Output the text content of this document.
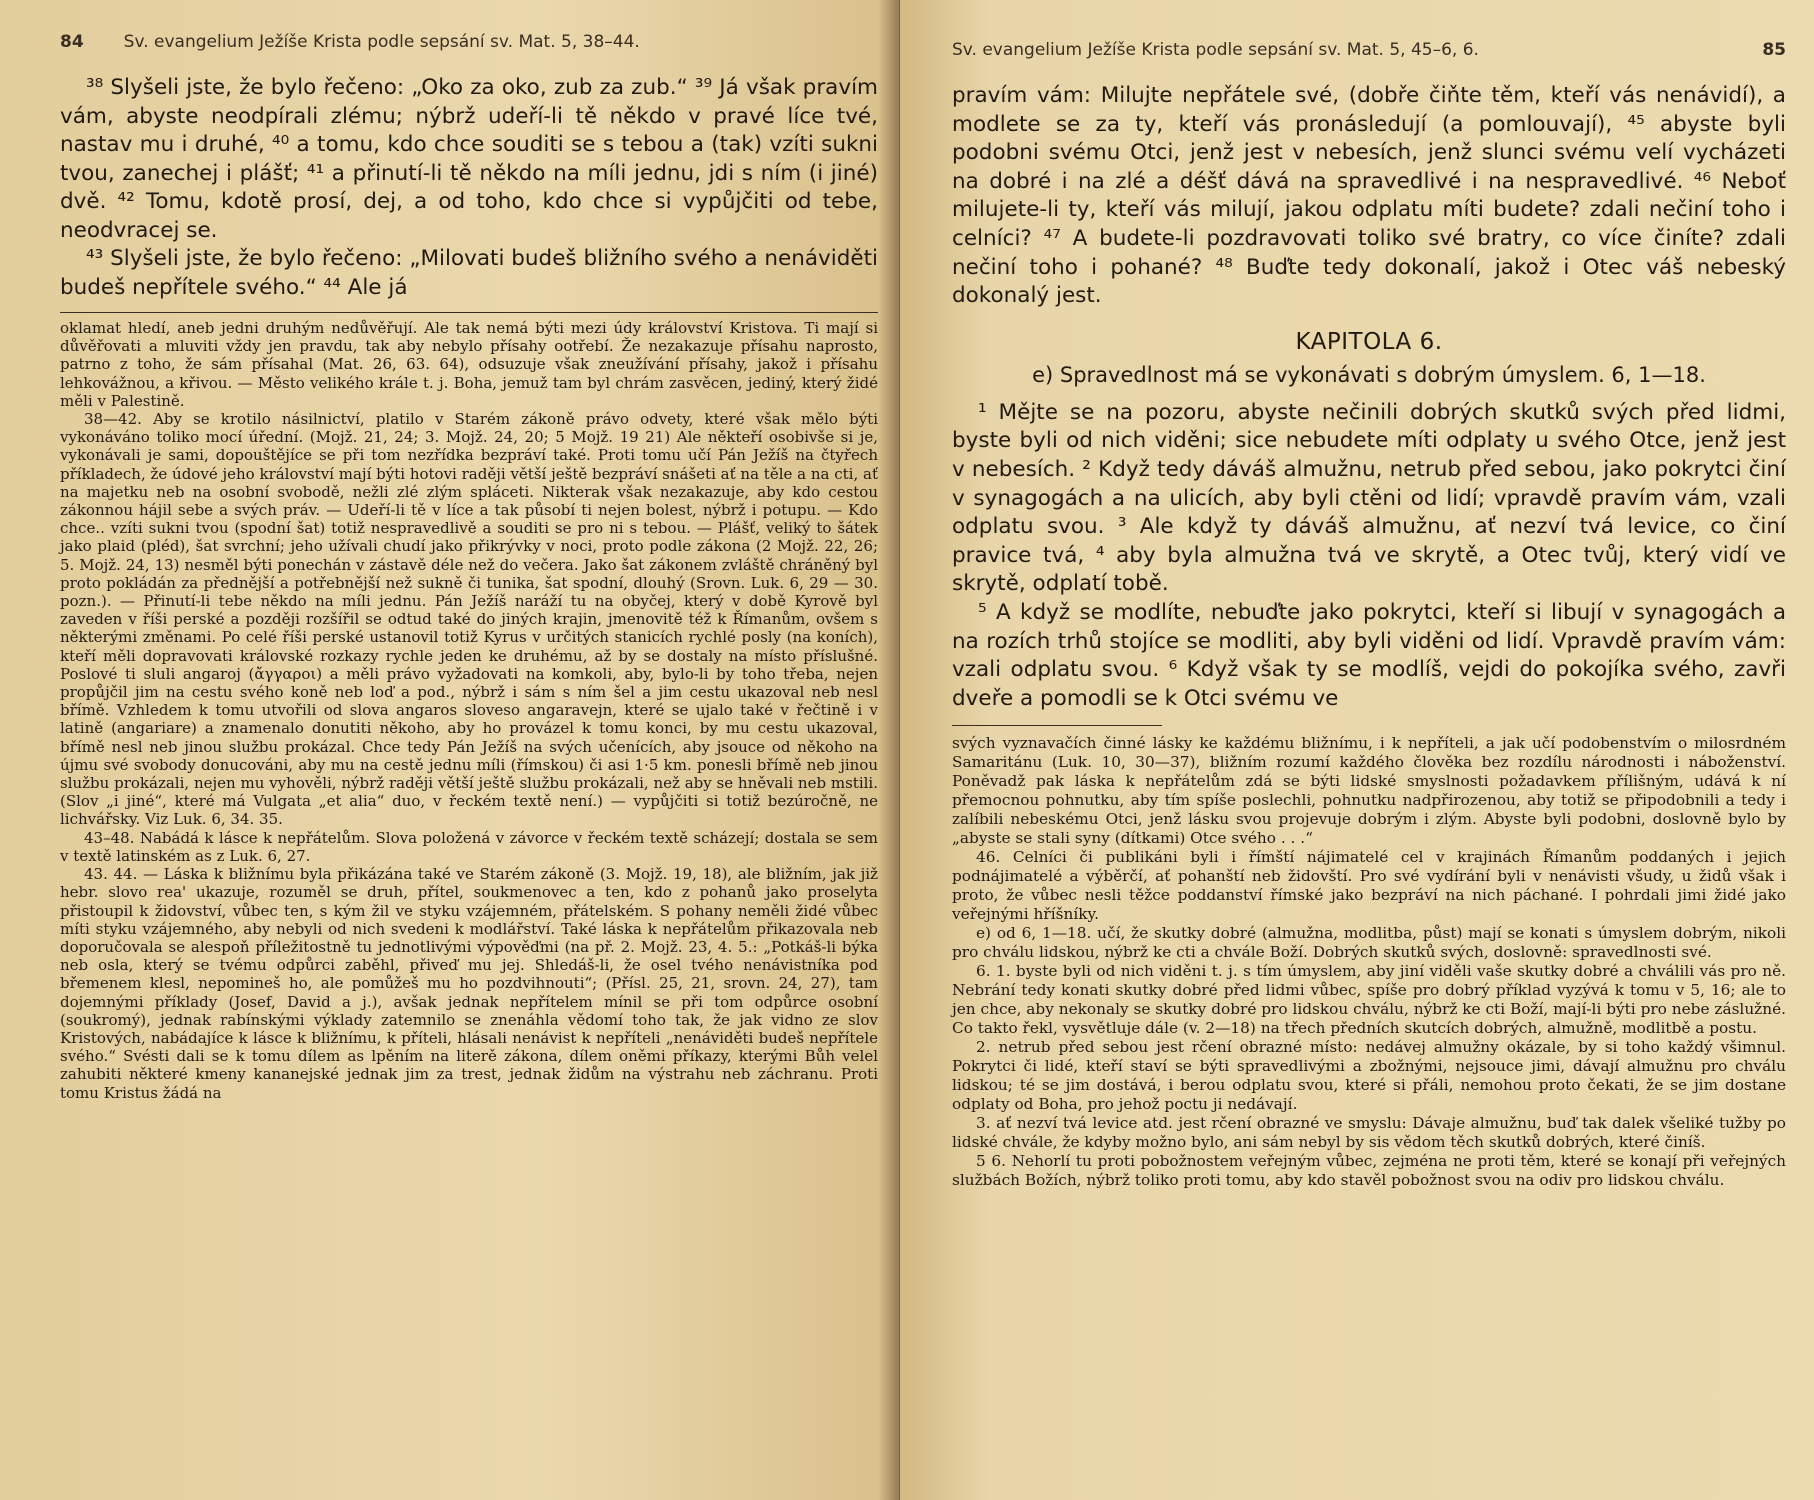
84 Sv. evangelium Ježíše Krista podle sepsání sv. Mat. 5, 38–44.

³⁸ Slyšeli jste, že bylo řečeno: „Oko za oko, zub za zub.“ ³⁹ Já však pravím vám, abyste neodpírali zlému; nýbrž udeří-li tě někdo v pravé líce tvé, nastav mu i druhé, ⁴⁰ a tomu, kdo chce souditi se s tebou a (tak) vzíti sukni tvou, zanechej i plášť; ⁴¹ a přinutí-li tě někdo na míli jednu, jdi s ním (i jiné) dvě. ⁴² Tomu, kdotě prosí, dej, a od toho, kdo chce si vypůjčiti od tebe, neodvracej se.

⁴³ Slyšeli jste, že bylo řečeno: „Milovati budeš bližního svého a nenáviděti budeš nepřítele svého.“ ⁴⁴ Ale já

oklamat hledí, aneb jedni druhým nedůvěřují. Ale tak nemá býti mezi údy království Kristova. Ti mají si důvěřovati a mluviti vždy jen pravdu, tak aby nebylo přísahy ootřebí. Že nezakazuje přísahu naprosto, patrno z toho, že sám přísahal (Mat. 26, 63. 64), odsuzuje však zneužívání přísahy, jakož i přísahu lehkovážnou, a křivou. — Město velikého krále t. j. Boha, jemuž tam byl chrám zasvěcen, jediný, který židé měli v Palestině.

38—42. Aby se krotilo násilnictví, platilo v Starém zákoně právo odvety, které však mělo býti vykonáváno toliko mocí úřední. (Mojž. 21, 24; 3. Mojž. 24, 20; 5 Mojž. 19 21) Ale někteří osobivše si je, vykonávali je sami, dopouštějíce se při tom nezřídka bezpráví také. Proti tomu učí Pán Ježíš na čtyřech příkladech, že údové jeho království mají býti hotovi raději větší ještě bezpráví snášeti ať na těle a na cti, ať na majetku neb na osobní svobodě, nežli zlé zlým spláceti. Nikterak však nezakazuje, aby kdo cestou zákonnou hájil sebe a svých práv. — Udeří-li tě v líce a tak působí ti nejen bolest, nýbrž i potupu. — Kdo chce.. vzíti sukni tvou (spodní šat) totiž nespravedlivě a souditi se pro ni s tebou. — Plášť, veliký to šátek jako plaid (pléd), šat svrchní; jeho užívali chudí jako přikrývky v noci, proto podle zákona (2 Mojž. 22, 26; 5. Mojž. 24, 13) nesměl býti ponechán v zástavě déle než do večera. Jako šat zákonem zvláště chráněný byl proto pokládán za přednější a potřebnější než sukně či tunika, šat spodní, dlouhý (Srovn. Luk. 6, 29 — 30. pozn.). — Přinutí-li tebe někdo na míli jednu. Pán Ježíš naráží tu na obyčej, který v době Kyrově byl zaveden v říši perské a později rozšířil se odtud také do jiných krajin, jmenovitě též k Římanům, ovšem s některými změnami. Po celé říši perské ustanovil totiž Kyrus v určitých stanicích rychlé posly (na koních), kteří měli dopravovati královské rozkazy rychle jeden ke druhému, až by se dostaly na místo příslušné. Poslové ti sluli angaroj (ἄγγαροι) a měli právo vyžadovati na komkoli, aby, bylo-li by toho třeba, nejen propůjčil jim na cestu svého koně neb loď a pod., nýbrž i sám s ním šel a jim cestu ukazoval neb nesl břímě. Vzhledem k tomu utvořili od slova angaros sloveso angaravejn, které se ujalo také v řečtině i v latině (angariare) a znamenalo donutiti někoho, aby ho provázel k tomu konci, by mu cestu ukazoval, břímě nesl neb jinou službu prokázal. Chce tedy Pán Ježíš na svých učenících, aby jsouce od někoho na újmu své svobody donucováni, aby mu na cestě jednu míli (římskou) či asi 1·5 km. ponesli břímě neb jinou službu prokázali, nejen mu vyhověli, nýbrž raději větší ještě službu prokázali, než aby se hněvali neb mstili. (Slov „i jiné“, které má Vulgata „et alia“ duo, v řeckém textě není.) — vypůjčiti si totiž bezúročně, ne lichvářsky. Viz Luk. 6, 34. 35.

43–48. Nabádá k lásce k nepřátelům. Slova položená v závorce v řeckém textě scházejí; dostala se sem v textě latinském as z Luk. 6, 27.

43. 44. — Láska k bližnímu byla přikázána také ve Starém zákoně (3. Mojž. 19, 18), ale bližním, jak již hebr. slovo rea' ukazuje, rozuměl se druh, přítel, soukmenovec a ten, kdo z pohanů jako proselyta přistoupil k židovství, vůbec ten, s kým žil ve styku vzájemném, přátelském. S pohany neměli židé vůbec míti styku vzájemného, aby nebyli od nich svedeni k modlářství. Také láska k nepřátelům přikazovala neb doporučovala se alespoň příležitostně tu jednotlivými výpověďmi (na př. 2. Mojž. 23, 4. 5.: „Potkáš-li býka neb osla, který se tvému odpůrci zaběhl, přiveď mu jej. Shledáš-li, že osel tvého nenávistníka pod břemenem klesl, nepomineš ho, ale pomůžeš mu ho pozdvihnouti“; (Přísl. 25, 21, srovn. 24, 27), tam dojemnými příklady (Josef, David a j.), avšak jednak nepřítelem mínil se při tom odpůrce osobní (soukromý), jednak rabínskými výklady zatemnilo se znenáhla vědomí toho tak, že jak vidno ze slov Kristových, nabádajíce k lásce k bližnímu, k příteli, hlásali nenávist k nepříteli „nenáviděti budeš nepřítele svého.“ Svésti dali se k tomu dílem as lpěním na literě zákona, dílem oněmi příkazy, kterými Bůh velel zahubiti některé kmeny kananejské jednak jim za trest, jednak židům na výstrahu neb záchranu. Proti tomu Kristus žádá na

Sv. evangelium Ježíše Krista podle sepsání sv. Mat. 5, 45–6, 6.	85

pravím vám: Milujte nepřátele své, (dobře čiňte těm, kteří vás nenávidí), a modlete se za ty, kteří vás pronásledují (a pomlouvají), ⁴⁵ abyste byli podobni svému Otci, jenž jest v nebesích, jenž slunci svému velí vycházeti na dobré i na zlé a déšť dává na spravedlivé i na nespravedlivé. ⁴⁶ Neboť milujete-li ty, kteří vás milují, jakou odplatu míti budete? zdali nečiní toho i celníci? ⁴⁷ A budete-li pozdravovati toliko své bratry, co více činíte? zdali nečiní toho i pohané? ⁴⁸ Buďte tedy dokonalí, jakož i Otec váš nebeský dokonalý jest.

KAPITOLA 6.
e) Spravedlnost má se vykonávati s dobrým úmyslem. 6, 1—18.

¹ Mějte se na pozoru, abyste nečinili dobrých skutků svých před lidmi, byste byli od nich viděni; sice nebudete míti odplaty u svého Otce, jenž jest v nebesích. ² Když tedy dáváš almužnu, netrub před sebou, jako pokrytci činí v synagogách a na ulicích, aby byli ctěni od lidí; vpravdě pravím vám, vzali odplatu svou. ³ Ale když ty dáváš almužnu, ať nezví tvá levice, co činí pravice tvá, ⁴ aby byla almužna tvá ve skrytě, a Otec tvůj, který vidí ve skrytě, odplatí tobě.

⁵ A když se modlíte, nebuďte jako pokrytci, kteří si libují v synagogách a na rozích trhů stojíce se modliti, aby byli viděni od lidí. Vpravdě pravím vám: vzali odplatu svou. ⁶ Když však ty se modlíš, vejdi do pokojíka svého, zavři dveře a pomodli se k Otci svému ve

svých vyznavačích činné lásky ke každému bližnímu, i k nepříteli, a jak učí podobenstvím o milosrdném Samaritánu (Luk. 10, 30—37), bližním rozumí každého člověka bez rozdílu národnosti i náboženství. Poněvadž pak láska k nepřátelům zdá se býti lidské smyslnosti požadavkem přílišným, udává k ní přemocnou pohnutku, aby tím spíše poslechli, pohnutku nadpřirozenou, aby totiž se připodobnili a tedy i zalíbili nebeskému Otci, jenž lásku svou projevuje dobrým i zlým. Abyste byli podobni, doslovně bylo by „abyste se stali syny (dítkami) Otce svého . . .“

46. Celníci či publikáni byli i římští nájimatelé cel v krajinách Římanům poddaných i jejich podnájimatelé a výběrčí, ať pohanští neb židovští. Pro své vydírání byli v nenávisti všudy, u židů však i proto, že vůbec nesli těžce poddanství římské jako bezpráví na nich páchané. I pohrdali jimi židé jako veřejnými hříšníky.

e) od 6, 1—18. učí, že skutky dobré (almužna, modlitba, půst) mají se konati s úmyslem dobrým, nikoli pro chválu lidskou, nýbrž ke cti a chvále Boží. Dobrých skutků svých, doslovně: spravedlnosti své.

6. 1. byste byli od nich viděni t. j. s tím úmyslem, aby jiní viděli vaše skutky dobré a chválili vás pro ně. Nebrání tedy konati skutky dobré před lidmi vůbec, spíše pro dobrý příklad vyzývá k tomu v 5, 16; ale to jen chce, aby nekonaly se skutky dobré pro lidskou chválu, nýbrž ke cti Boží, mají-li býti pro nebe záslužné. Co takto řekl, vysvětluje dále (v. 2—18) na třech předních skutcích dobrých, almužně, modlitbě a postu.

2. netrub před sebou jest rčení obrazné místo: nedávej almužny okázale, by si toho každý všimnul. Pokrytci či lidé, kteří staví se býti spravedlivými a zbožnými, nejsouce jimi, dávají almužnu pro chválu lidskou; té se jim dostává, i berou odplatu svou, které si přáli, nemohou proto čekati, že se jim dostane odplaty od Boha, pro jehož poctu ji nedávají.

3. ať nezví tvá levice atd. jest rčení obrazné ve smyslu: Dávaje almužnu, buď tak dalek všeliké tužby po lidské chvále, že kdyby možno bylo, ani sám nebyl by sis vědom těch skutků dobrých, které činíš.

5 6. Nehorlí tu proti pobožnostem veřejným vůbec, zejména ne proti těm, které se konají při veřejných službách Božích, nýbrž toliko proti tomu, aby kdo stavěl pobožnost svou na odiv pro lidskou chválu.
